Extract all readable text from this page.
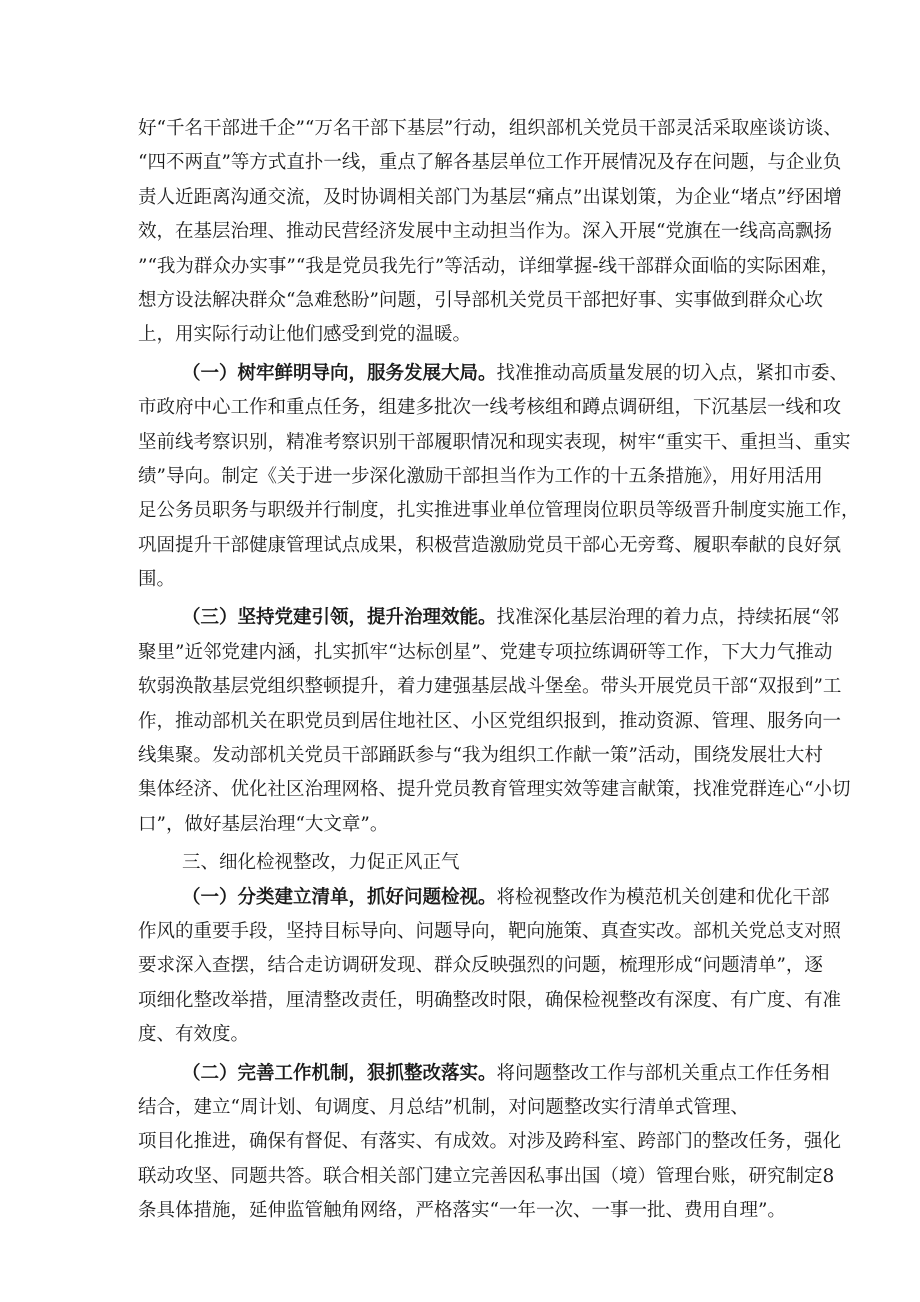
好“千名干部进千企”“万名干部下基层”行动，组织部机关党员干部灵活采取座谈访谈、
“四不两直”等方式直扑一线，重点了解各基层单位工作开展情况及存在问题，与企业负
责人近距离沟通交流，及时协调相关部门为基层“痛点”出谋划策，为企业“堵点”纾困增
效，在基层治理、推动民营经济发展中主动担当作为。深入开展“党旗在一线高高飘扬
”“我为群众办实事”“我是党员我先行”等活动，详细掌握-线干部群众面临的实际困难，
想方设法解决群众“急难愁盼”问题，引导部机关党员干部把好事、实事做到群众心坎
上，用实际行动让他们感受到党的温暖。
（一）树牢鲜明导向，服务发展大局。找准推动高质量发展的切入点，紧扣市委、
市政府中心工作和重点任务，组建多批次一线考核组和蹲点调研组，下沉基层一线和攻
坚前线考察识别，精准考察识别干部履职情况和现实表现，树牢“重实干、重担当、重实
绩”导向。制定《关于进一步深化激励干部担当作为工作的十五条措施》，用好用活用
足公务员职务与职级并行制度，扎实推进事业单位管理岗位职员等级晋升制度实施工作，
巩固提升干部健康管理试点成果，积极营造激励党员干部心无旁骛、履职奉献的良好氛
围。
（三）坚持党建引领，提升治理效能。找准深化基层治理的着力点，持续拓展“邻
聚里”近邻党建内涵，扎实抓牢“达标创星”、党建专项拉练调研等工作，下大力气推动
软弱涣散基层党组织整顿提升，着力建强基层战斗堡垒。带头开展党员干部“双报到”工
作，推动部机关在职党员到居住地社区、小区党组织报到，推动资源、管理、服务向一
线集聚。发动部机关党员干部踊跃参与“我为组织工作献一策”活动，围绕发展壮大村
集体经济、优化社区治理网格、提升党员教育管理实效等建言献策，找准党群连心“小切
口”，做好基层治理“大文章”。
三、细化检视整改，力促正风正气
（一）分类建立清单，抓好问题检视。将检视整改作为模范机关创建和优化干部
作风的重要手段，坚持目标导向、问题导向，靶向施策、真查实改。部机关党总支对照
要求深入查摆，结合走访调研发现、群众反映强烈的问题，梳理形成“问题清单”，逐
项细化整改举措，厘清整改责任，明确整改时限，确保检视整改有深度、有广度、有准
度、有效度。
（二）完善工作机制，狠抓整改落实。将问题整改工作与部机关重点工作任务相
结合，建立“周计划、旬调度、月总结”机制，对问题整改实行清单式管理、
项目化推进，确保有督促、有落实、有成效。对涉及跨科室、跨部门的整改任务，强化
联动攻坚、同题共答。联合相关部门建立完善因私事出国（境）管理台账，研究制定8
条具体措施，延伸监管触角网络，严格落实“一年一次、一事一批、费用自理”。
